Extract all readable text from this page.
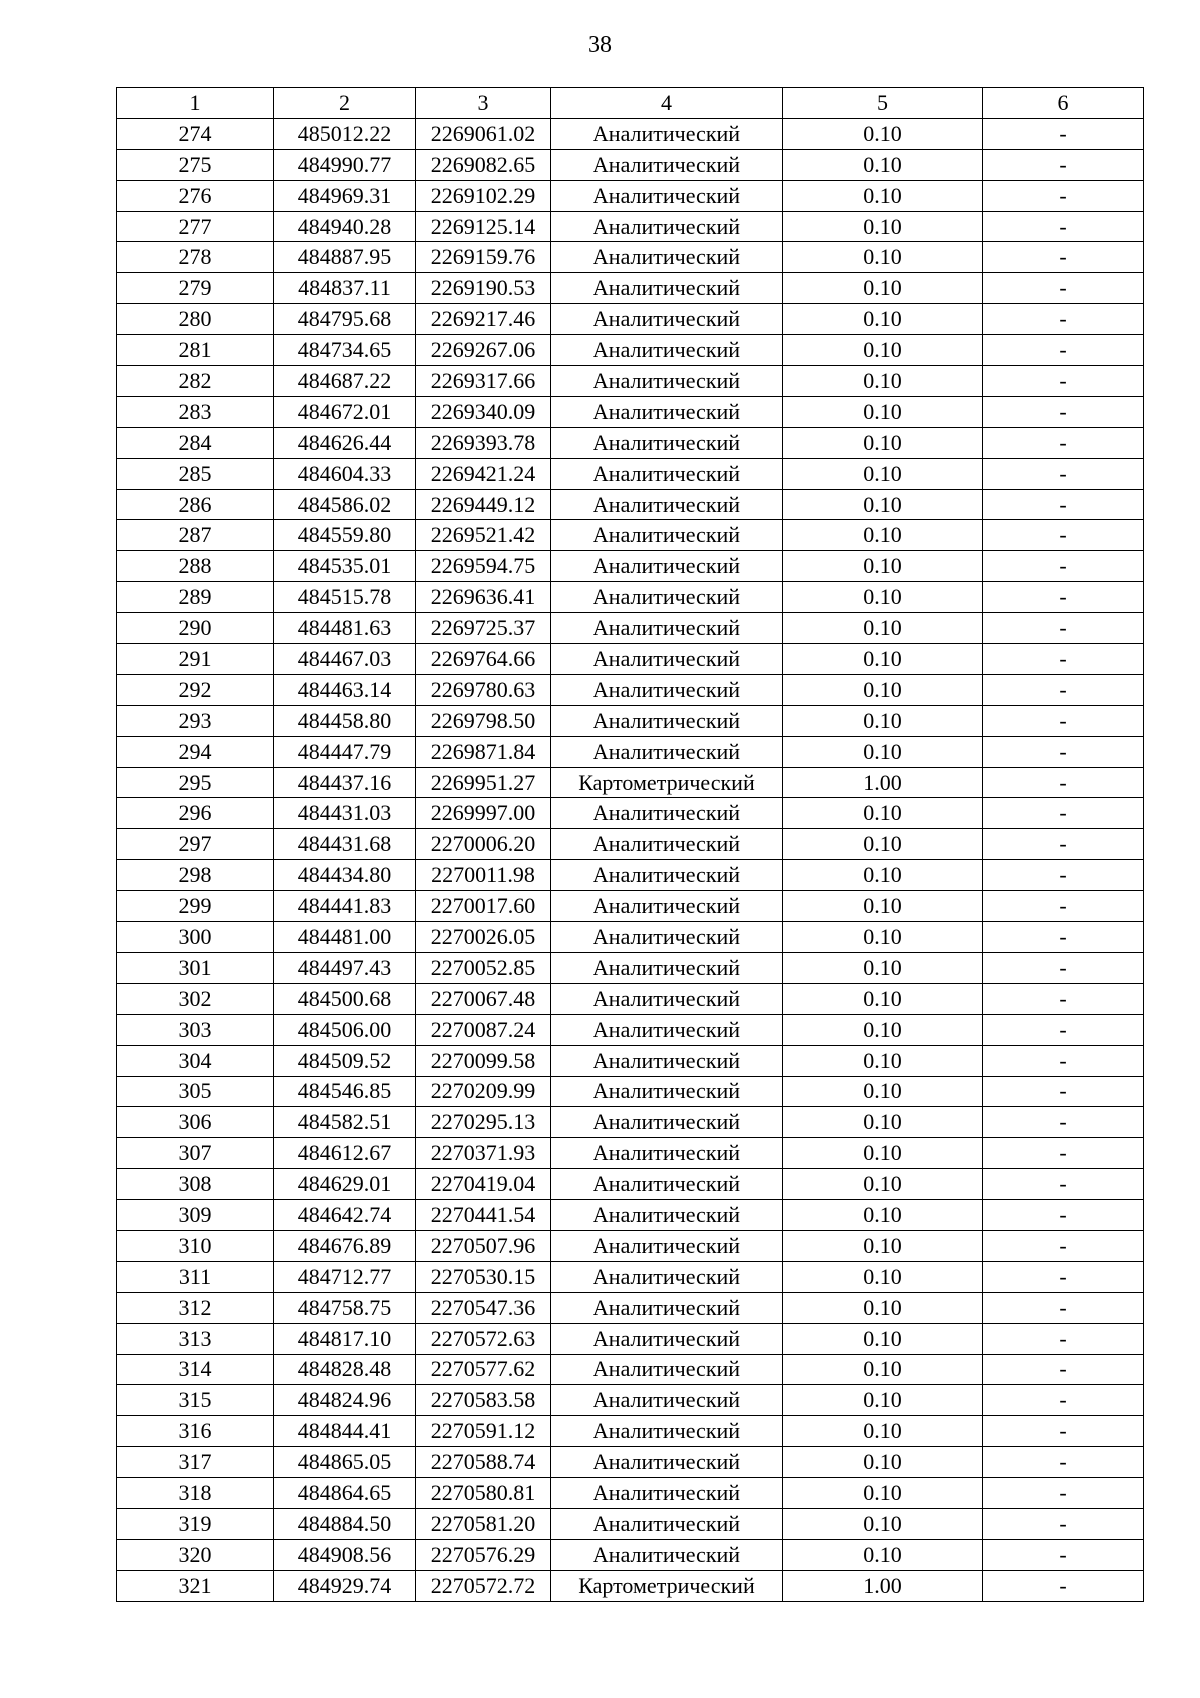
38
1	2	3	4	5	6
274	485012.22	2269061.02	Аналитический	0.10	-
275	484990.77	2269082.65	Аналитический	0.10	-
276	484969.31	2269102.29	Аналитический	0.10	-
277	484940.28	2269125.14	Аналитический	0.10	-
278	484887.95	2269159.76	Аналитический	0.10	-
279	484837.11	2269190.53	Аналитический	0.10	-
280	484795.68	2269217.46	Аналитический	0.10	-
281	484734.65	2269267.06	Аналитический	0.10	-
282	484687.22	2269317.66	Аналитический	0.10	-
283	484672.01	2269340.09	Аналитический	0.10	-
284	484626.44	2269393.78	Аналитический	0.10	-
285	484604.33	2269421.24	Аналитический	0.10	-
286	484586.02	2269449.12	Аналитический	0.10	-
287	484559.80	2269521.42	Аналитический	0.10	-
288	484535.01	2269594.75	Аналитический	0.10	-
289	484515.78	2269636.41	Аналитический	0.10	-
290	484481.63	2269725.37	Аналитический	0.10	-
291	484467.03	2269764.66	Аналитический	0.10	-
292	484463.14	2269780.63	Аналитический	0.10	-
293	484458.80	2269798.50	Аналитический	0.10	-
294	484447.79	2269871.84	Аналитический	0.10	-
295	484437.16	2269951.27	Картометрический	1.00	-
296	484431.03	2269997.00	Аналитический	0.10	-
297	484431.68	2270006.20	Аналитический	0.10	-
298	484434.80	2270011.98	Аналитический	0.10	-
299	484441.83	2270017.60	Аналитический	0.10	-
300	484481.00	2270026.05	Аналитический	0.10	-
301	484497.43	2270052.85	Аналитический	0.10	-
302	484500.68	2270067.48	Аналитический	0.10	-
303	484506.00	2270087.24	Аналитический	0.10	-
304	484509.52	2270099.58	Аналитический	0.10	-
305	484546.85	2270209.99	Аналитический	0.10	-
306	484582.51	2270295.13	Аналитический	0.10	-
307	484612.67	2270371.93	Аналитический	0.10	-
308	484629.01	2270419.04	Аналитический	0.10	-
309	484642.74	2270441.54	Аналитический	0.10	-
310	484676.89	2270507.96	Аналитический	0.10	-
311	484712.77	2270530.15	Аналитический	0.10	-
312	484758.75	2270547.36	Аналитический	0.10	-
313	484817.10	2270572.63	Аналитический	0.10	-
314	484828.48	2270577.62	Аналитический	0.10	-
315	484824.96	2270583.58	Аналитический	0.10	-
316	484844.41	2270591.12	Аналитический	0.10	-
317	484865.05	2270588.74	Аналитический	0.10	-
318	484864.65	2270580.81	Аналитический	0.10	-
319	484884.50	2270581.20	Аналитический	0.10	-
320	484908.56	2270576.29	Аналитический	0.10	-
321	484929.74	2270572.72	Картометрический	1.00	-
